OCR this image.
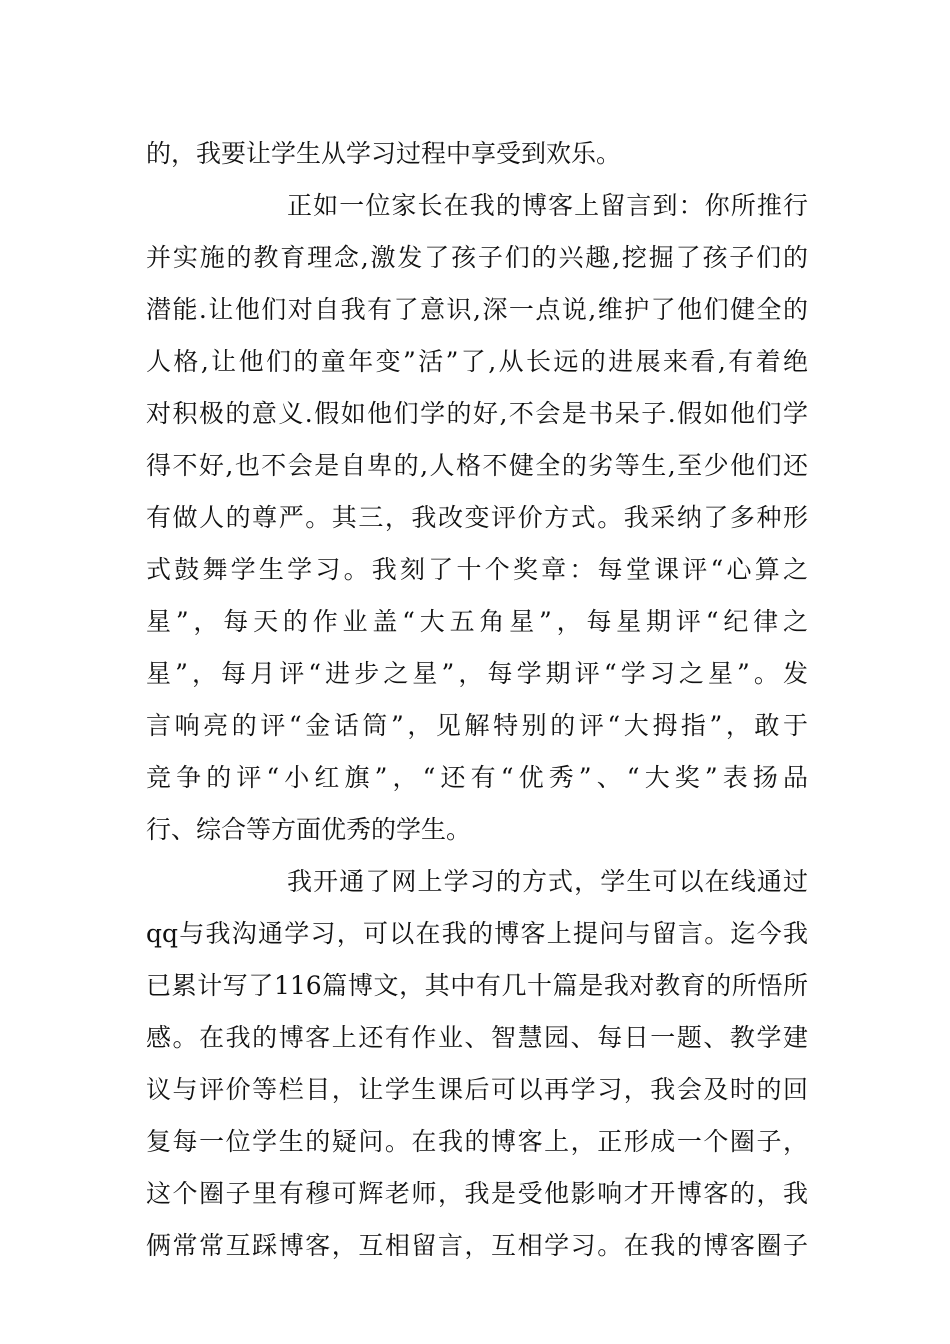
的，我要让学生从学习过程中享受到欢乐。
正如一位家长在我的博客上留言到：你所推行
并实施的教育理念,激发了孩子们的兴趣,挖掘了孩子们的
潜能.让他们对自我有了意识,深一点说,维护了他们健全的
人格,让他们的童年变”活”了,从长远的进展来看,有着绝
对积极的意义.假如他们学的好,不会是书呆子.假如他们学
得不好,也不会是自卑的,人格不健全的劣等生,至少他们还
有做人的尊严。其三，我改变评价方式。我采纳了多种形
式鼓舞学生学习。我刻了十个奖章：每堂课评“心算之
星”，每天的作业盖“大五角星”，每星期评“纪律之
星”，每月评“进步之星”，每学期评“学习之星”。发
言响亮的评“金话筒”，见解特别的评“大拇指”，敢于
竞争的评“小红旗”，“还有“优秀”、“大奖”表扬品
行、综合等方面优秀的学生。
我开通了网上学习的方式，学生可以在线通过
qq与我沟通学习，可以在我的博客上提问与留言。迄今我
已累计写了116篇博文，其中有几十篇是我对教育的所悟所
感。在我的博客上还有作业、智慧园、每日一题、教学建
议与评价等栏目，让学生课后可以再学习，我会及时的回
复每一位学生的疑问。在我的博客上，正形成一个圈子，
这个圈子里有穆可辉老师，我是受他影响才开博客的，我
俩常常互踩博客，互相留言，互相学习。在我的博客圈子
